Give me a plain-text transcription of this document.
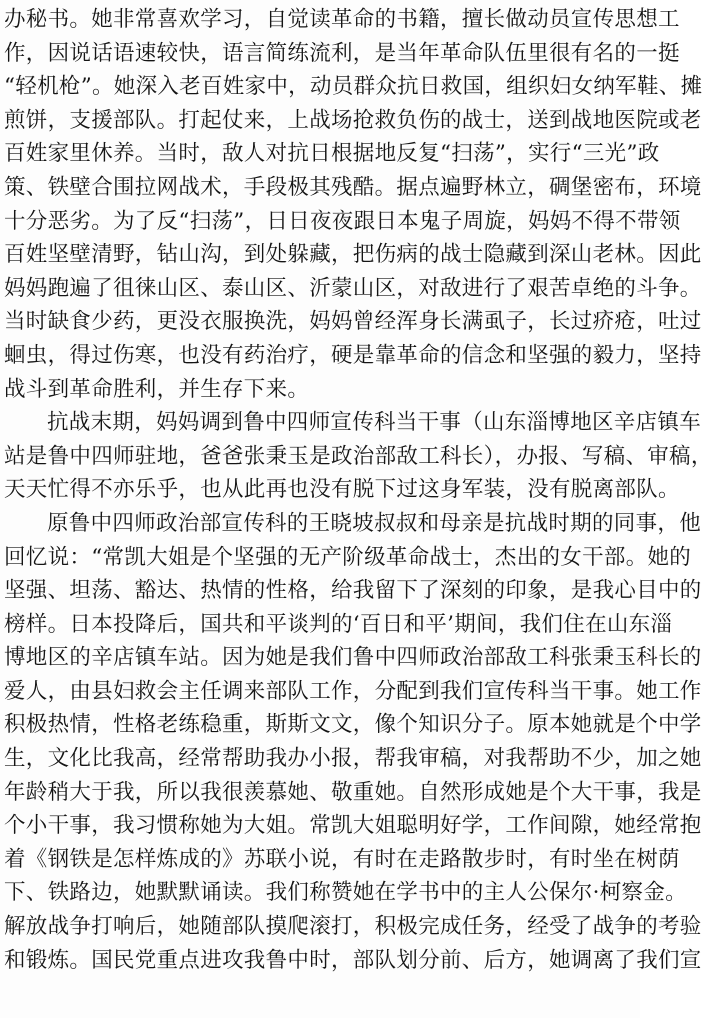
办秘书。她非常喜欢学习，自觉读革命的书籍，擅长做动员宣传思想工
作，因说话语速较快，语言简练流利，是当年革命队伍里很有名的一挺
“轻机枪”。她深入老百姓家中，动员群众抗日救国，组织妇女纳军鞋、摊
煎饼，支援部队。打起仗来，上战场抢救负伤的战士，送到战地医院或老
百姓家里休养。当时，敌人对抗日根据地反复“扫荡”，实行“三光”政
策、铁壁合围拉网战术，手段极其残酷。据点遍野林立，碉堡密布，环境
十分恶劣。为了反“扫荡”，日日夜夜跟日本鬼子周旋，妈妈不得不带领
百姓坚壁清野，钻山沟，到处躲藏，把伤病的战士隐藏到深山老林。因此
妈妈跑遍了徂徕山区、泰山区、沂蒙山区，对敌进行了艰苦卓绝的斗争。
当时缺食少药，更没衣服换洗，妈妈曾经浑身长满虱子，长过疥疮，吐过
蛔虫，得过伤寒，也没有药治疗，硬是靠革命的信念和坚强的毅力，坚持
战斗到革命胜利，并生存下来。
抗战末期，妈妈调到鲁中四师宣传科当干事（山东淄博地区辛店镇车
站是鲁中四师驻地，爸爸张秉玉是政治部敌工科长），办报、写稿、审稿，
天天忙得不亦乐乎，也从此再也没有脱下过这身军装，没有脱离部队。
原鲁中四师政治部宣传科的王晓坡叔叔和母亲是抗战时期的同事，他
回忆说：“常凯大姐是个坚强的无产阶级革命战士，杰出的女干部。她的
坚强、坦荡、豁达、热情的性格，给我留下了深刻的印象，是我心目中的
榜样。日本投降后，国共和平谈判的‘百日和平’期间，我们住在山东淄
博地区的辛店镇车站。因为她是我们鲁中四师政治部敌工科张秉玉科长的
爱人，由县妇救会主任调来部队工作，分配到我们宣传科当干事。她工作
积极热情，性格老练稳重，斯斯文文，像个知识分子。原本她就是个中学
生，文化比我高，经常帮助我办小报，帮我审稿，对我帮助不少，加之她
年龄稍大于我，所以我很羡慕她、敬重她。自然形成她是个大干事，我是
个小干事，我习惯称她为大姐。常凯大姐聪明好学，工作间隙，她经常抱
着《钢铁是怎样炼成的》苏联小说，有时在走路散步时，有时坐在树荫
下、铁路边，她默默诵读。我们称赞她在学书中的主人公保尔·柯察金。
解放战争打响后，她随部队摸爬滚打，积极完成任务，经受了战争的考验
和锻炼。国民党重点进攻我鲁中时，部队划分前、后方，她调离了我们宣
